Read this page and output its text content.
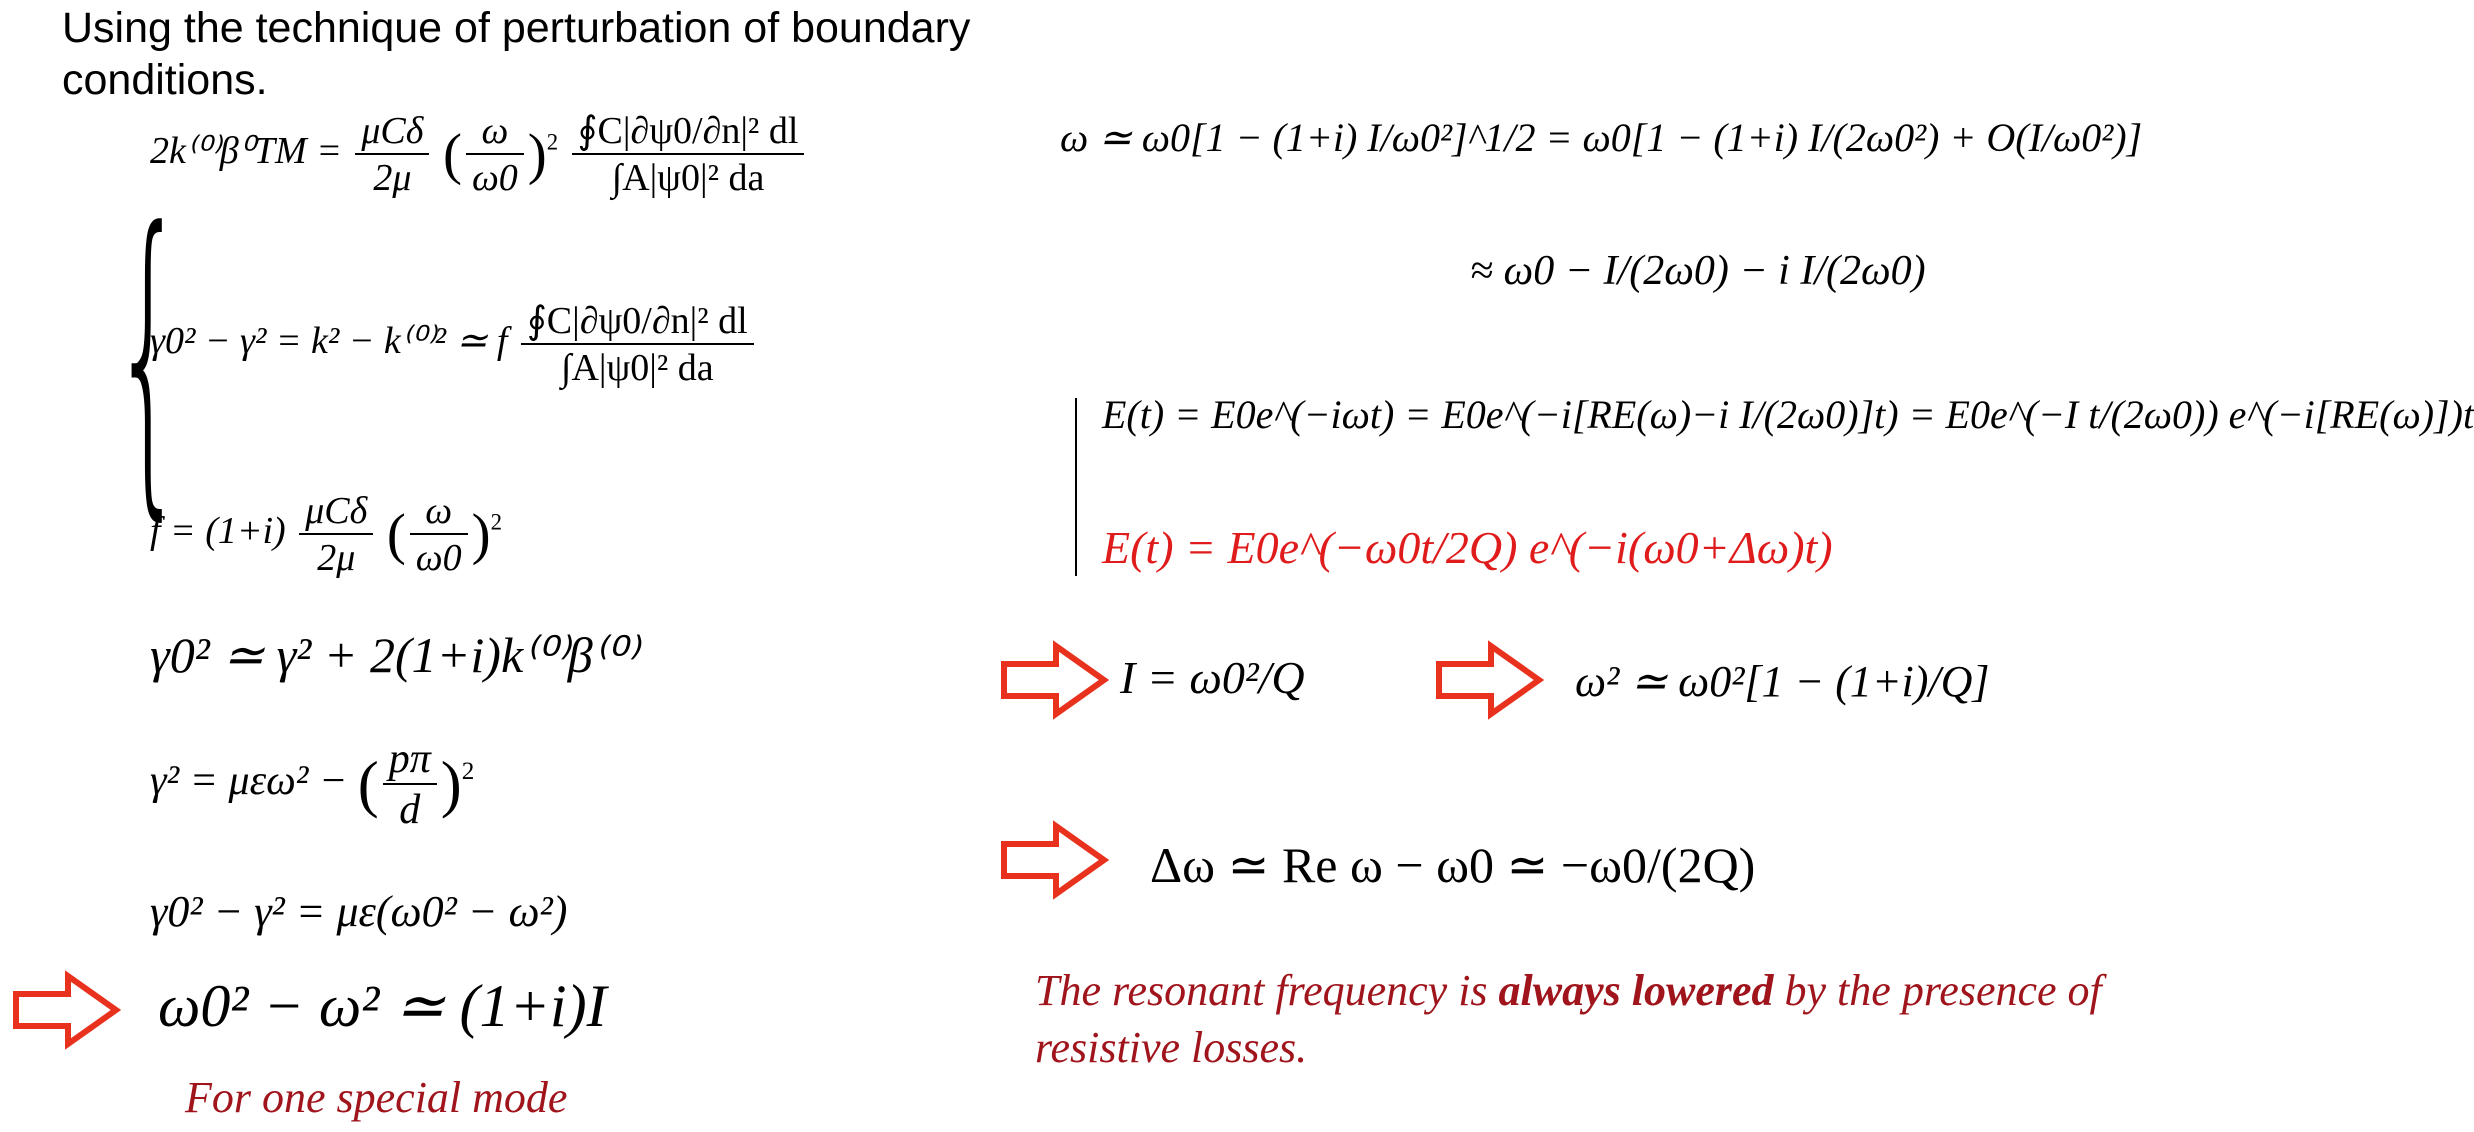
Using the technique of perturbation of boundary conditions.
{
$2k^{(0)}\beta^0TM = \frac{\text{μCδ}}{2\mu}$ ( $\frac{\omega}{\omega 0} )^2 \frac{\text{∮C|∂ψ0/∂n|² dl}}{\text{∫A|ψ0|² da}}$
γ0² − γ² = k² − k⁽⁰⁾² ≃ f $\frac{\text{∮C|∂ψ0/∂n|² dl}}{\text{∫A|ψ0|² da}}$
$f = (1+i) \frac{\text{μCδ}}{2\mu}$ ( $\frac{\omega}{\omega 0} )^2$
γ0² ≃ γ² + 2(1+i)k⁽⁰⁾β⁽⁰⁾
γ² = μεω² − ( $\frac{p\pi}{d} )^2$
γ0² − γ² = με(ω0² − ω²)
ω0² − ω² ≃ (1+i)I
For one special mode
ω ≃ ω0[1 − (1+i) I/ω0²]^1/2 = ω0[1 − (1+i) I/(2ω0²) + O(I/ω0²)]
≈ ω0 − I/(2ω0) − i I/(2ω0)
E(t) = E0e^(−iωt) = E0e^(−i[RE(ω)−i I/(2ω0)]t) = E0e^(−I t/(2ω0)) e^(−i[RE(ω)])t
E(t) = E0e^(−ω0t/2Q) e^(−i(ω0+Δω)t)
I = ω0²/Q	ω² ≃ ω0²[1 − (1+i)/Q]
Δω ≃ Re ω − ω0 ≃ −ω0/(2Q)
The resonant frequency is always lowered by the presence of resistive losses.
